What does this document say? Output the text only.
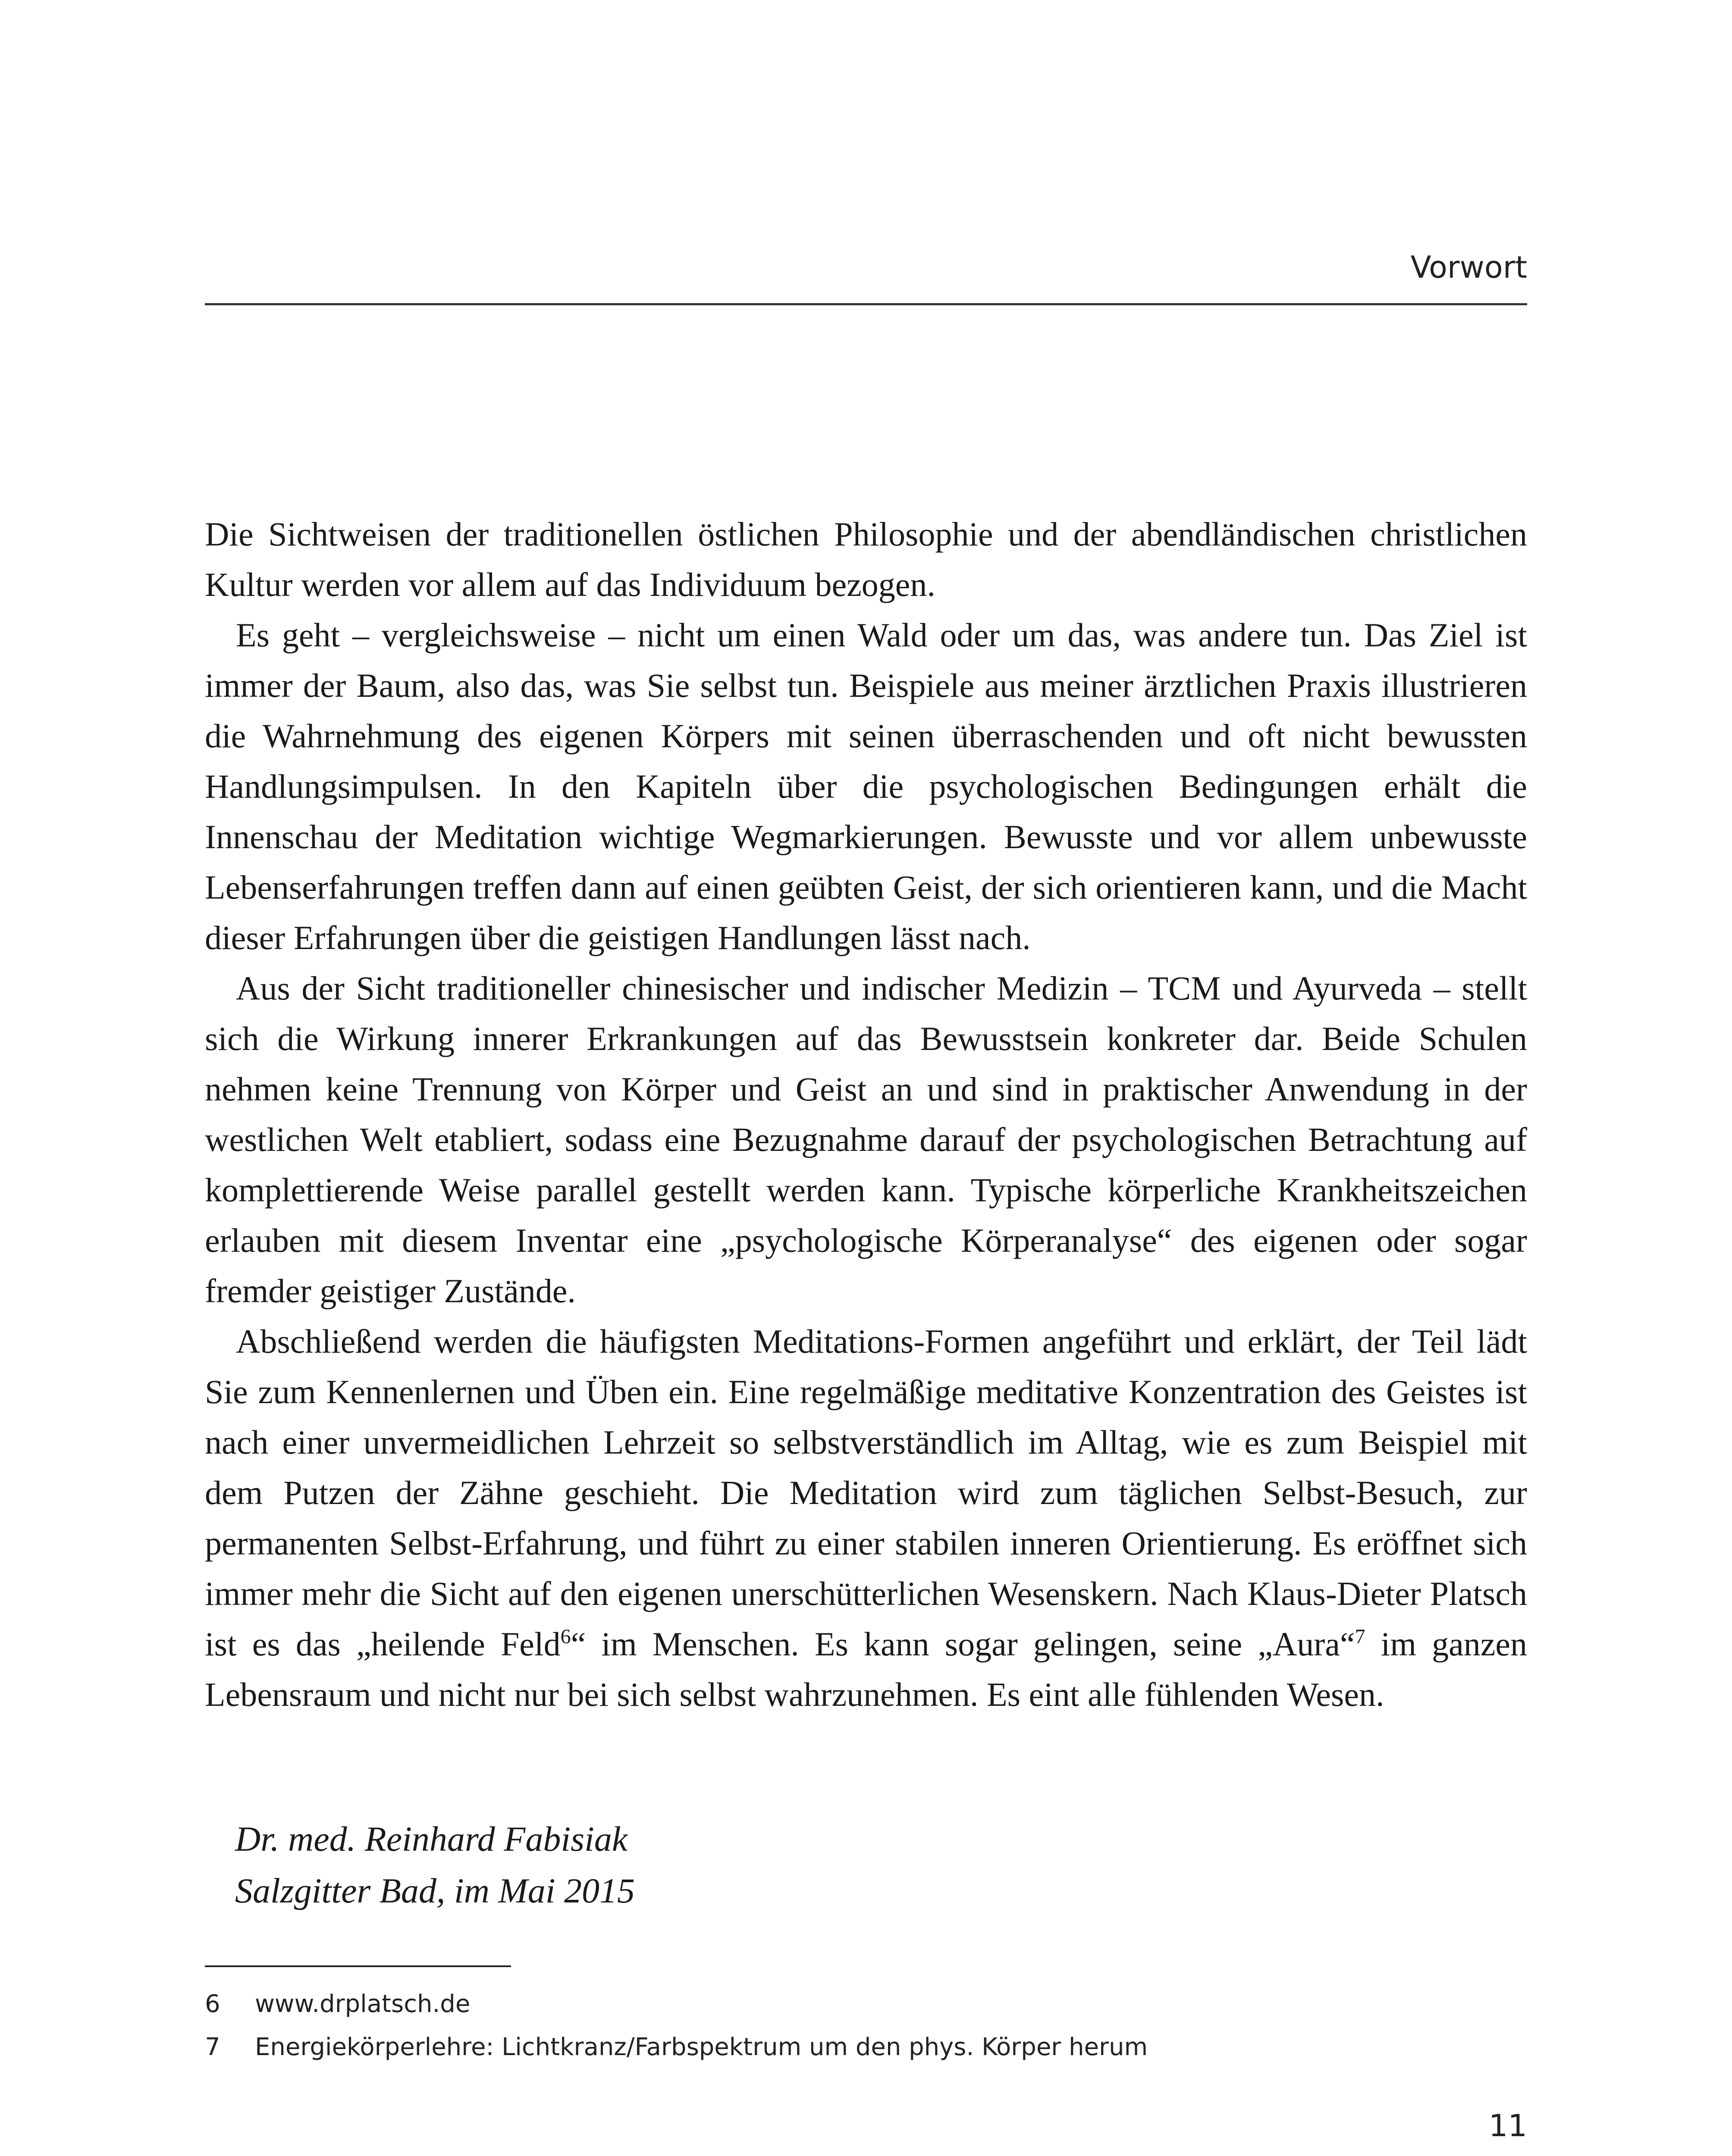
Vorwort

Die Sichtweisen der traditionellen östlichen Philosophie und der abendländischen christlichen Kultur werden vor allem auf das Individuum bezogen.

Es geht – vergleichsweise – nicht um einen Wald oder um das, was andere tun. Das Ziel ist immer der Baum, also das, was Sie selbst tun. Beispiele aus meiner ärztlichen Praxis illustrieren die Wahrnehmung des eigenen Körpers mit seinen überraschenden und oft nicht bewussten Handlungsimpulsen. In den Kapiteln über die psychologischen Bedingungen erhält die Innenschau der Meditation wichtige Wegmarkierungen. Bewusste und vor allem unbewusste Lebenserfahrungen treffen dann auf einen geübten Geist, der sich orientieren kann, und die Macht dieser Erfahrungen über die geistigen Handlungen lässt nach.

Aus der Sicht traditioneller chinesischer und indischer Medizin – TCM und Ayurveda – stellt sich die Wirkung innerer Erkrankungen auf das Bewusstsein konkreter dar. Beide Schulen nehmen keine Trennung von Körper und Geist an und sind in praktischer Anwendung in der westlichen Welt etabliert, sodass eine Bezugnahme darauf der psychologischen Betrachtung auf komplettierende Weise parallel gestellt werden kann. Typische körperliche Krankheitszeichen erlauben mit diesem Inventar eine „psychologische Körperanalyse“ des eigenen oder sogar fremder geistiger Zustände.

Abschließend werden die häufigsten Meditations-Formen angeführt und erklärt, der Teil lädt Sie zum Kennenlernen und Üben ein. Eine regelmäßige meditative Konzentration des Geistes ist nach einer unvermeidlichen Lehrzeit so selbstverständlich im Alltag, wie es zum Beispiel mit dem Putzen der Zähne geschieht. Die Meditation wird zum täglichen Selbst-Besuch, zur permanenten Selbst-Erfahrung, und führt zu einer stabilen inneren Orientierung. Es eröffnet sich immer mehr die Sicht auf den eigenen unerschütterlichen Wesenskern. Nach Klaus-Dieter Platsch ist es das „heilende Feld$^6$“ im Menschen. Es kann sogar gelingen, seine „Aura“$^7$ im ganzen Lebensraum und nicht nur bei sich selbst wahrzunehmen. Es eint alle fühlenden Wesen.

Dr. med. Reinhard Fabisiak
Salzgitter Bad, im Mai 2015
6	www.drplatsch.de
7	Energiekörperlehre: Lichtkranz/Farbspektrum um den phys. Körper herum
11
